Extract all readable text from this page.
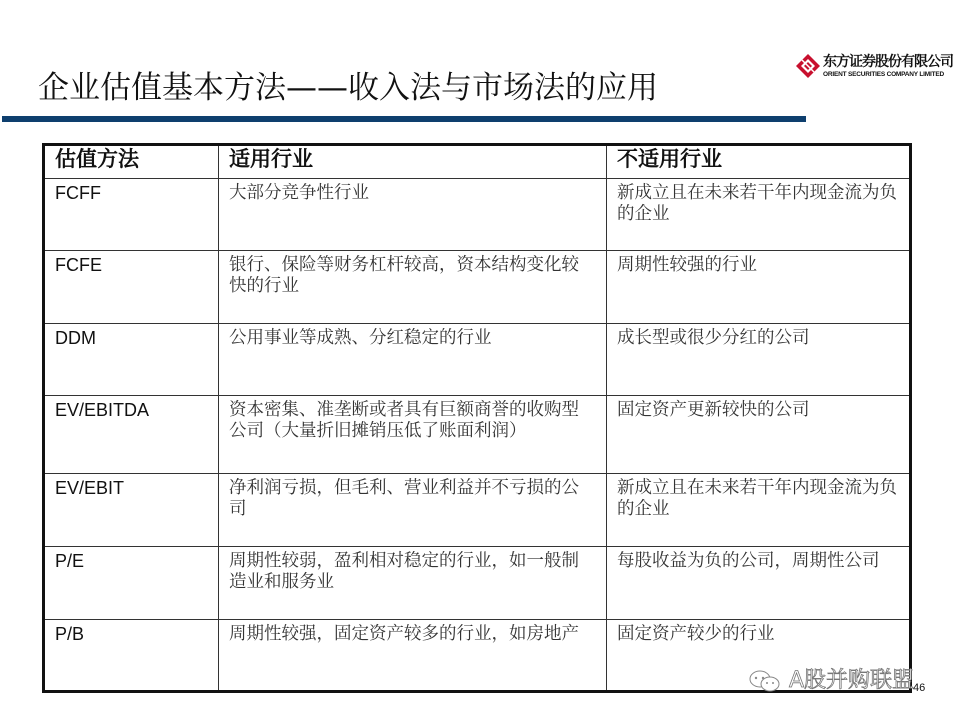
企业估值基本方法——收入法与市场法的应用
东方证券股份有限公司
ORIENT SECURITIES COMPANY LIMITED
估值方法	适用行业	不适用行业
FCFF	大部分竞争性行业	新成立且在未来若干年内现金流为负的企业
FCFE	银行、保险等财务杠杆较高，资本结构变化较快的行业	周期性较强的行业
DDM	公用事业等成熟、分红稳定的行业	成长型或很少分红的公司
EV/EBITDA	资本密集、准垄断或者具有巨额商誉的收购型公司（大量折旧摊销压低了账面利润）	固定资产更新较快的公司
EV/EBIT	净利润亏损，但毛利、营业利益并不亏损的公司	新成立且在未来若干年内现金流为负的企业
P/E	周期性较弱，盈利相对稳定的行业，如一般制造业和服务业	每股收益为负的公司，周期性公司
P/B	周期性较强，固定资产较多的行业，如房地产	固定资产较少的行业
A股并购联盟
46
